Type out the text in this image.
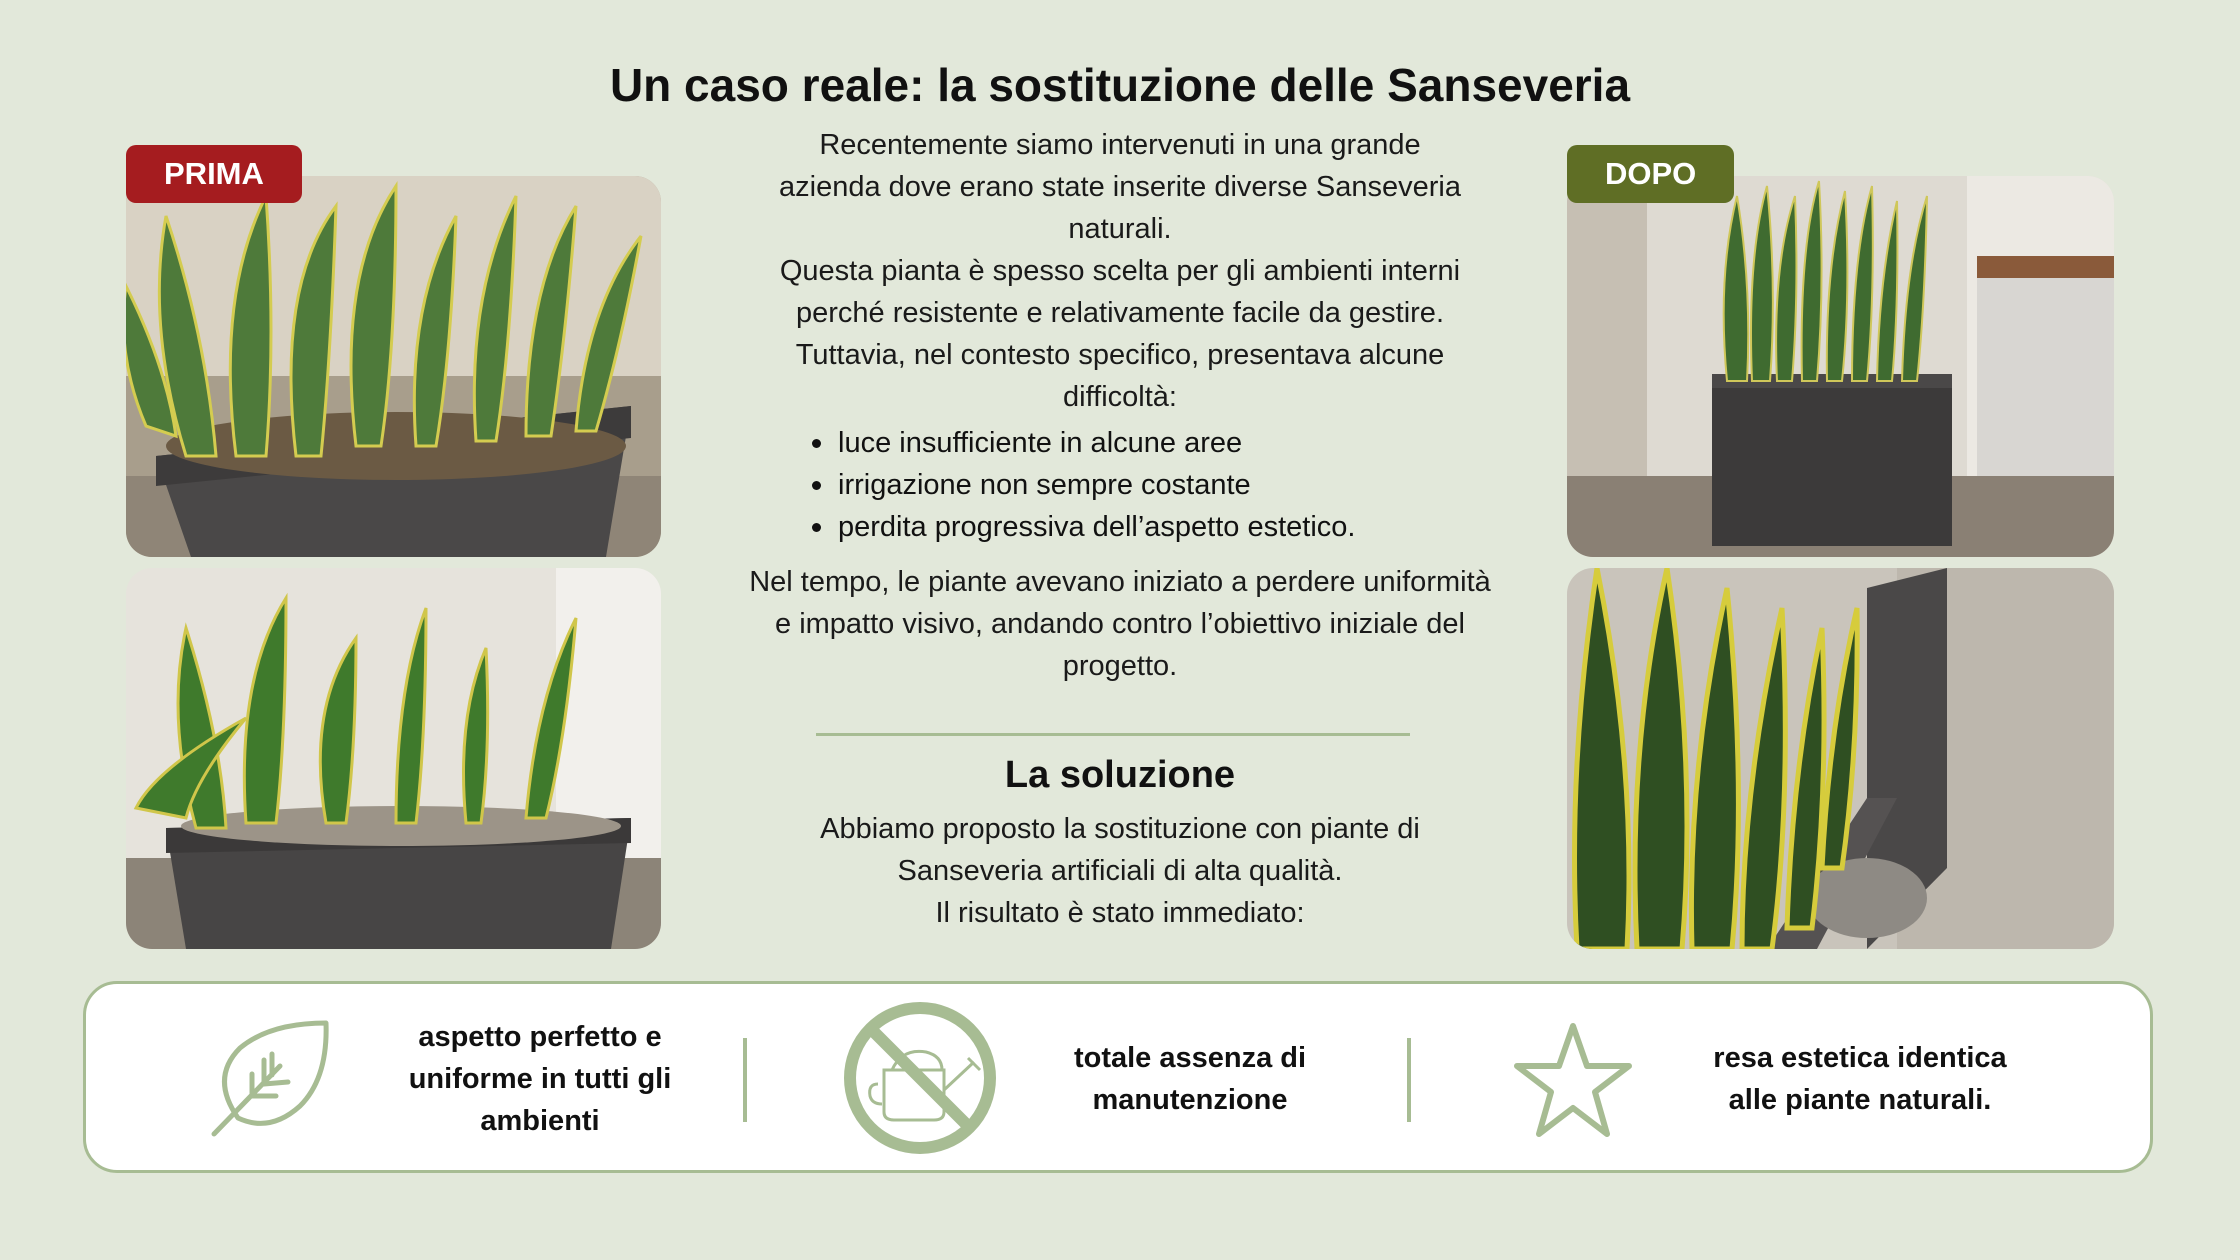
Un caso reale: la sostituzione delle Sanseveria
PRIMA	DOPO

Recentemente siamo intervenuti in una grande

azienda dove erano state inserite diverse Sanseveria

naturali.

Questa pianta è spesso scelta per gli ambienti interni

perché resistente e relativamente facile da gestire.

Tuttavia, nel contesto specifico, presentava alcune

difficoltà:

luce insufficiente in alcune aree
irrigazione non sempre costante
perdita progressiva dell’aspetto estetico.

Nel tempo, le piante avevano iniziato a perdere uniformità

e impatto visivo, andando contro l’obiettivo iniziale del

progetto.

La soluzione

Abbiamo proposto la sostituzione con piante di

Sanseveria artificiali di alta qualità.

Il risultato è stato immediato:

aspetto perfetto e
uniforme in tutti gli
ambienti
totale assenza di
manutenzione
resa estetica identica
alle piante naturali.
